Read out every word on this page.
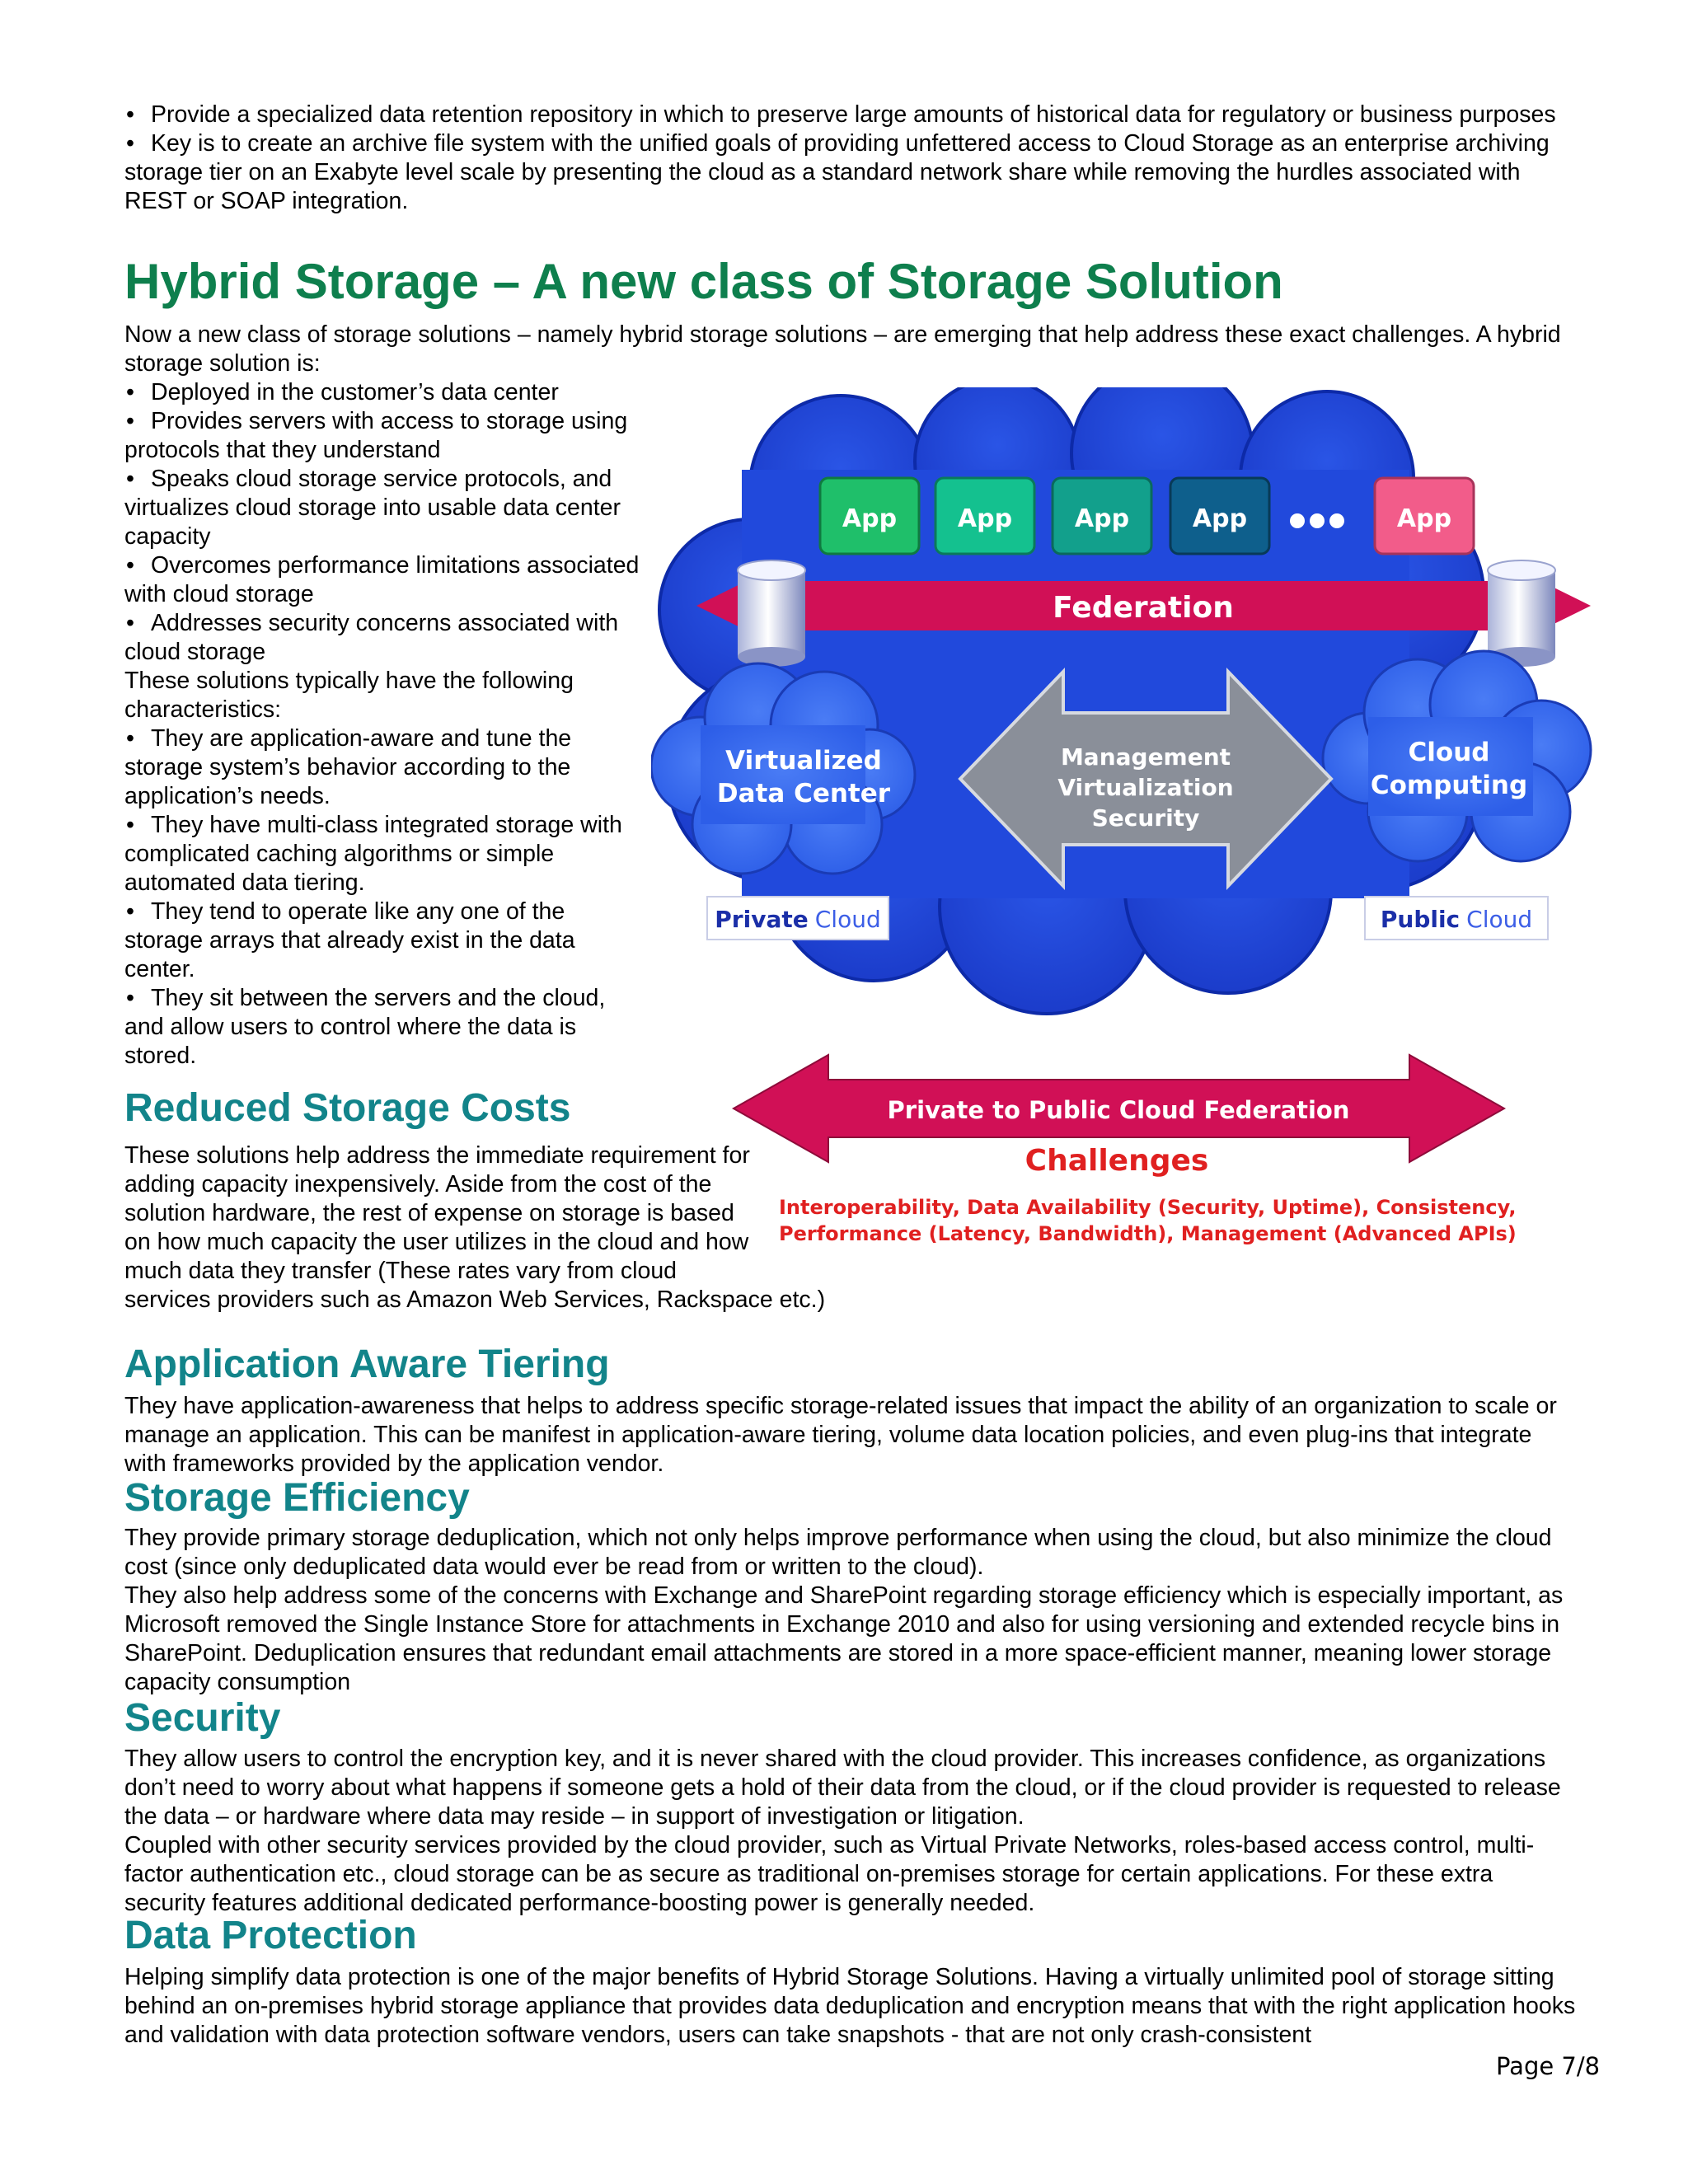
• Provide a specialized data retention repository in which to preserve large amounts of historical data for regulatory or business purposes

• Key is to create an archive file system with the unified goals of providing unfettered access to Cloud Storage as an enterprise archiving storage tier on an Exabyte level scale by presenting the cloud as a standard network share while removing the hurdles associated with REST or SOAP integration.

Hybrid Storage – A new class of Storage Solution
Now a new class of storage solutions – namely hybrid storage solutions – are emerging that help address these exact challenges. A hybrid storage solution is:

• Deployed in the customer’s data center

• Provides servers with access to storage using protocols that they understand

• Speaks cloud storage service protocols, and virtualizes cloud storage into usable data center capacity

• Overcomes performance limitations associated with cloud storage

• Addresses security concerns associated with cloud storage

These solutions typically have the following characteristics:

• They are application-aware and tune the storage system’s behavior according to the application’s needs.

• They have multi-class integrated storage with complicated caching algorithms or simple automated data tiering.

• They tend to operate like any one of the storage arrays that already exist in the data center.

• They sit between the servers and the cloud, and allow users to control where the data is stored.

Reduced Storage Costs
These solutions help address the immediate requirement for adding capacity inexpensively. Aside from the cost of the solution hardware, the rest of expense on storage is based on how much capacity the user utilizes in the cloud and how much data they transfer (These rates vary from cloud services providers such as Amazon Web Services, Rackspace etc.)
App App	App	App	App
Federation
Virtualized
Data Center
Cloud
Computing
Management
Virtualization
Security
Private Cloud	Public Cloud
Private to Public Cloud Federation
Challenges
Interoperability, Data Availability (Security, Uptime), Consistency,
Performance (Latency, Bandwidth), Management (Advanced APIs)
Application Aware Tiering
They have application-awareness that helps to address specific storage-related issues that impact the ability of an organization to scale or manage an application. This can be manifest in application-aware tiering, volume data location policies, and even plug-ins that integrate with frameworks provided by the application vendor.
Storage Efficiency

They provide primary storage deduplication, which not only helps improve performance when using the cloud, but also minimize the cloud cost (since only deduplicated data would ever be read from or written to the cloud).

They also help address some of the concerns with Exchange and SharePoint regarding storage efficiency which is especially important, as Microsoft removed the Single Instance Store for attachments in Exchange 2010 and also for using versioning and extended recycle bins in SharePoint. Deduplication ensures that redundant email attachments are stored in a more space-efficient manner, meaning lower storage capacity consumption

Security

They allow users to control the encryption key, and it is never shared with the cloud provider. This increases confidence, as organizations don’t need to worry about what happens if someone gets a hold of their data from the cloud, or if the cloud provider is requested to release the data – or hardware where data may reside – in support of investigation or litigation.

Coupled with other security services provided by the cloud provider, such as Virtual Private Networks, roles-based access control, multi-factor authentication etc., cloud storage can be as secure as traditional on-premises storage for certain applications. For these extra security features additional dedicated performance-boosting power is generally needed.

Data Protection
Helping simplify data protection is one of the major benefits of Hybrid Storage Solutions. Having a virtually unlimited pool of storage sitting behind an on-premises hybrid storage appliance that provides data deduplication and encryption means that with the right application hooks and validation with data protection software vendors, users can take snapshots - that are not only crash-consistent
Page 7/8
